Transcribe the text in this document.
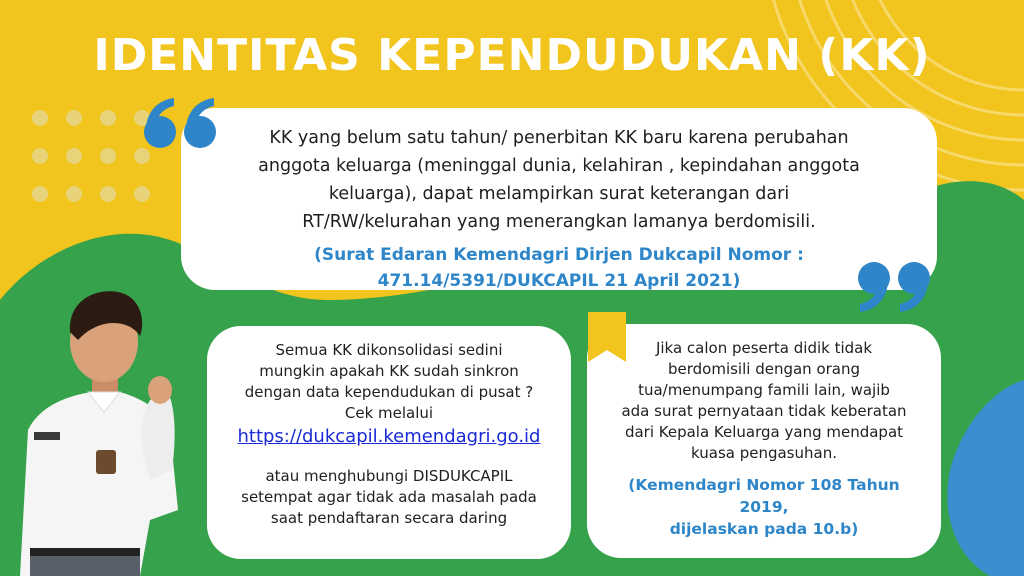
IDENTITAS KEPENDUDUKAN (KK)
KK yang belum satu tahun/ penerbitan KK baru karena perubahan
anggota keluarga (meninggal dunia, kelahiran , kepindahan anggota
keluarga), dapat melampirkan surat keterangan dari
RT/RW/kelurahan yang menerangkan lamanya berdomisili.
(Surat Edaran Kemendagri Dirjen Dukcapil Nomor :
471.14/5391/DUKCAPIL 21 April 2021)
Semua KK dikonsolidasi sedini
mungkin apakah KK sudah sinkron
dengan data kependudukan di pusat ?
Cek melalui
https://dukcapil.kemendagri.go.id
atau menghubungi DISDUKCAPIL
setempat agar tidak ada masalah pada
saat pendaftaran secara daring
Jika calon peserta didik tidak
berdomisili dengan orang
tua/menumpang famili lain, wajib
ada surat pernyataan tidak keberatan
dari Kepala Keluarga yang mendapat
kuasa pengasuhan.
(Kemendagri Nomor 108 Tahun 2019,
dijelaskan pada 10.b)
